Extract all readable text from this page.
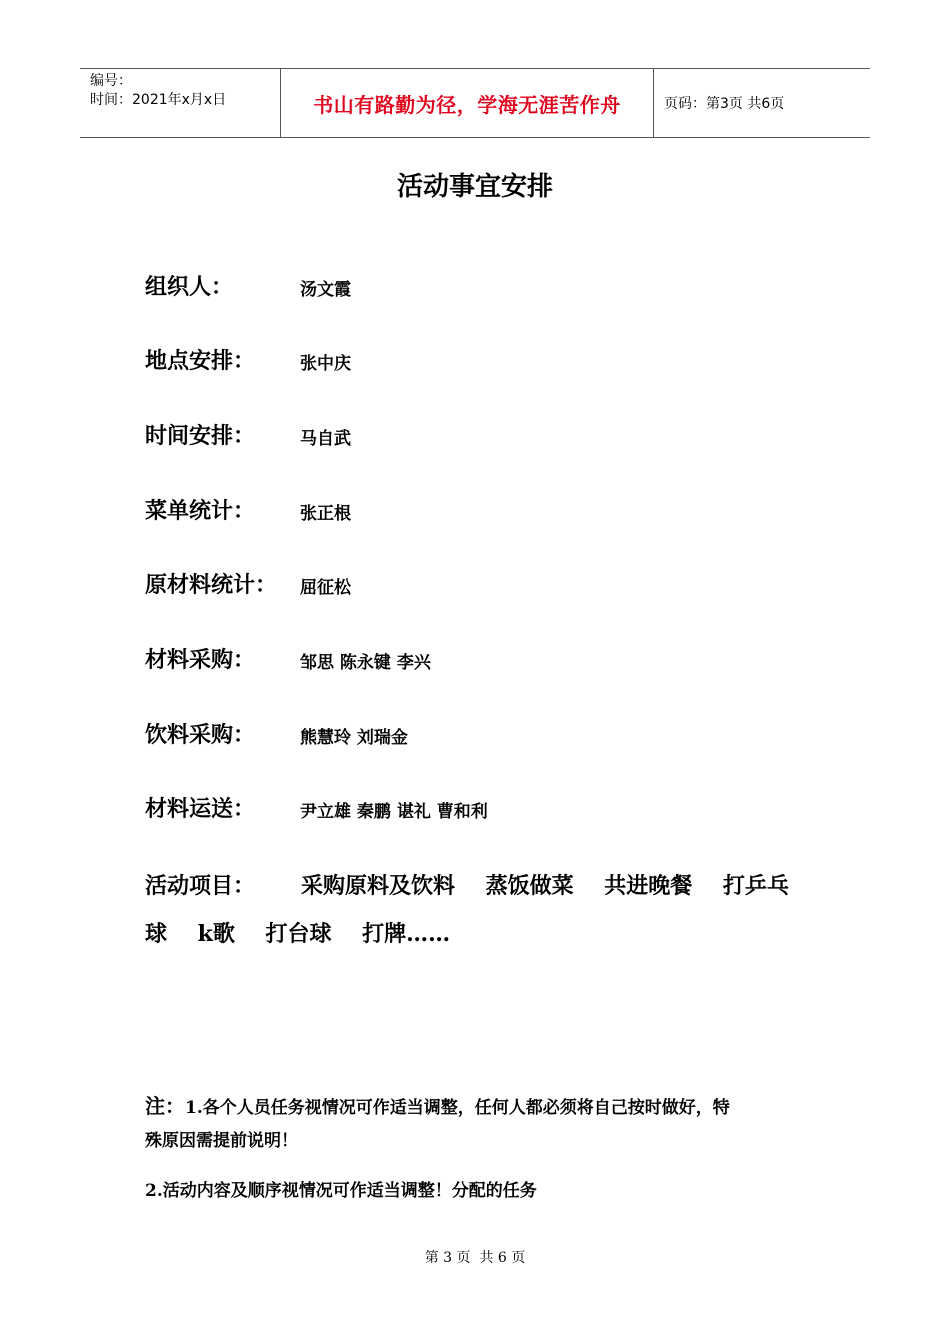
编号：
时间：2021年x月x日	书山有路勤为径，学海无涯苦作舟	页码：第3页 共6页
活动事宜安排
组织人：	汤文霞
地点安排：	张中庆
时间安排：	马自武
菜单统计：	张正根
原材料统计： 屈征松
材料采购：	邹思 陈永键 李兴
饮料采购：	熊慧玲 刘瑞金
材料运送：	尹立雄 秦鹏 谌礼 曹和利
活动项目：      采购原料及饮料    蒸饭做菜    共进晚餐    打乒乓
球    k歌    打台球    打牌……
注：1.各个人员任务视情况可作适当调整，任何人都必须将自己按时做好，特
殊原因需提前说明！
2.活动内容及顺序视情况可作适当调整！分配的任务
第 3 页  共 6 页
